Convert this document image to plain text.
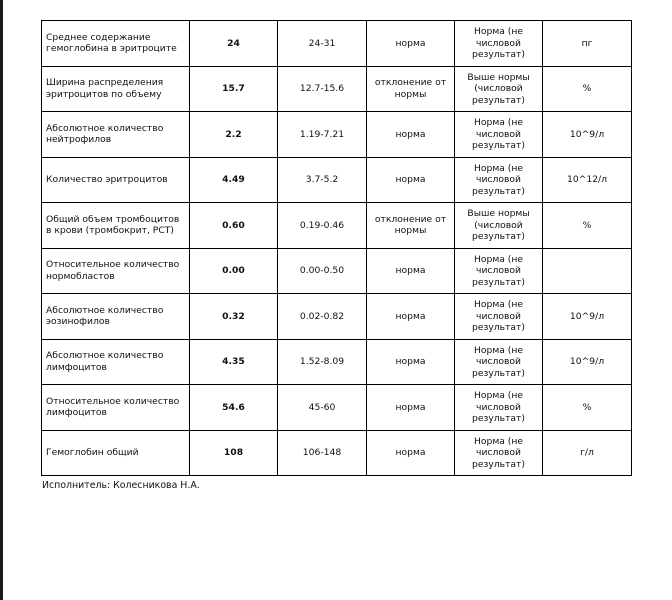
Среднее содержание гемоглобина в эритроците	24	24-31	норма	Норма (не числовой результат)	пг
Ширина распределения эритроцитов по объему	15.7	12.7-15.6	отклонение от нормы	Выше нормы (числовой результат)	%
Абсолютное количество нейтрофилов	2.2	1.19-7.21	норма	Норма (не числовой результат)	10^9/л
Количество эритроцитов	4.49	3.7-5.2	норма	Норма (не числовой результат)	10^12/л
Общий объем тромбоцитов в крови (тромбокрит, PCT)	0.60	0.19-0.46	отклонение от нормы	Выше нормы (числовой результат)	%
Относительное количество нормобластов	0.00	0.00-0.50	норма	Норма (не числовой результат)	
Абсолютное количество эозинофилов	0.32	0.02-0.82	норма	Норма (не числовой результат)	10^9/л
Абсолютное количество лимфоцитов	4.35	1.52-8.09	норма	Норма (не числовой результат)	10^9/л
Относительное количество лимфоцитов	54.6	45-60	норма	Норма (не числовой результат)	%
Гемоглобин общий	108	106-148	норма	Норма (не числовой результат)	г/л
Исполнитель: Колесникова Н.А.
